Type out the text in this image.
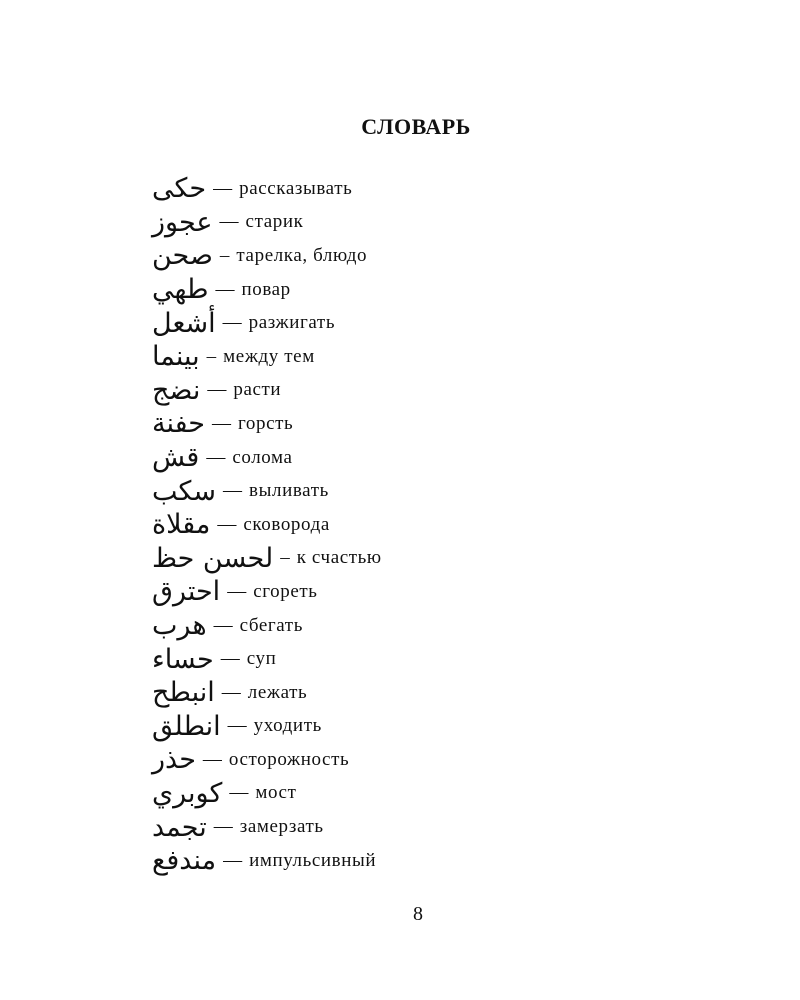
СЛОВАРЬ
حكى — рассказывать
عجوز — старик
صحن – тарелка, блюдо
طهي — повар
أشعل — разжигать
بينما – между тем
نضج — расти
حفنة — горсть
قش — солома
سكب — выливать
مقلاة — сковорода
لحسن حظ – к счастью
احترق — сгореть
هرب — сбегать
حساء — суп
انبطح — лежать
انطلق — уходить
حذر — осторожность
كوبري — мост
تجمد — замерзать
مندفع — импульсивный
8
